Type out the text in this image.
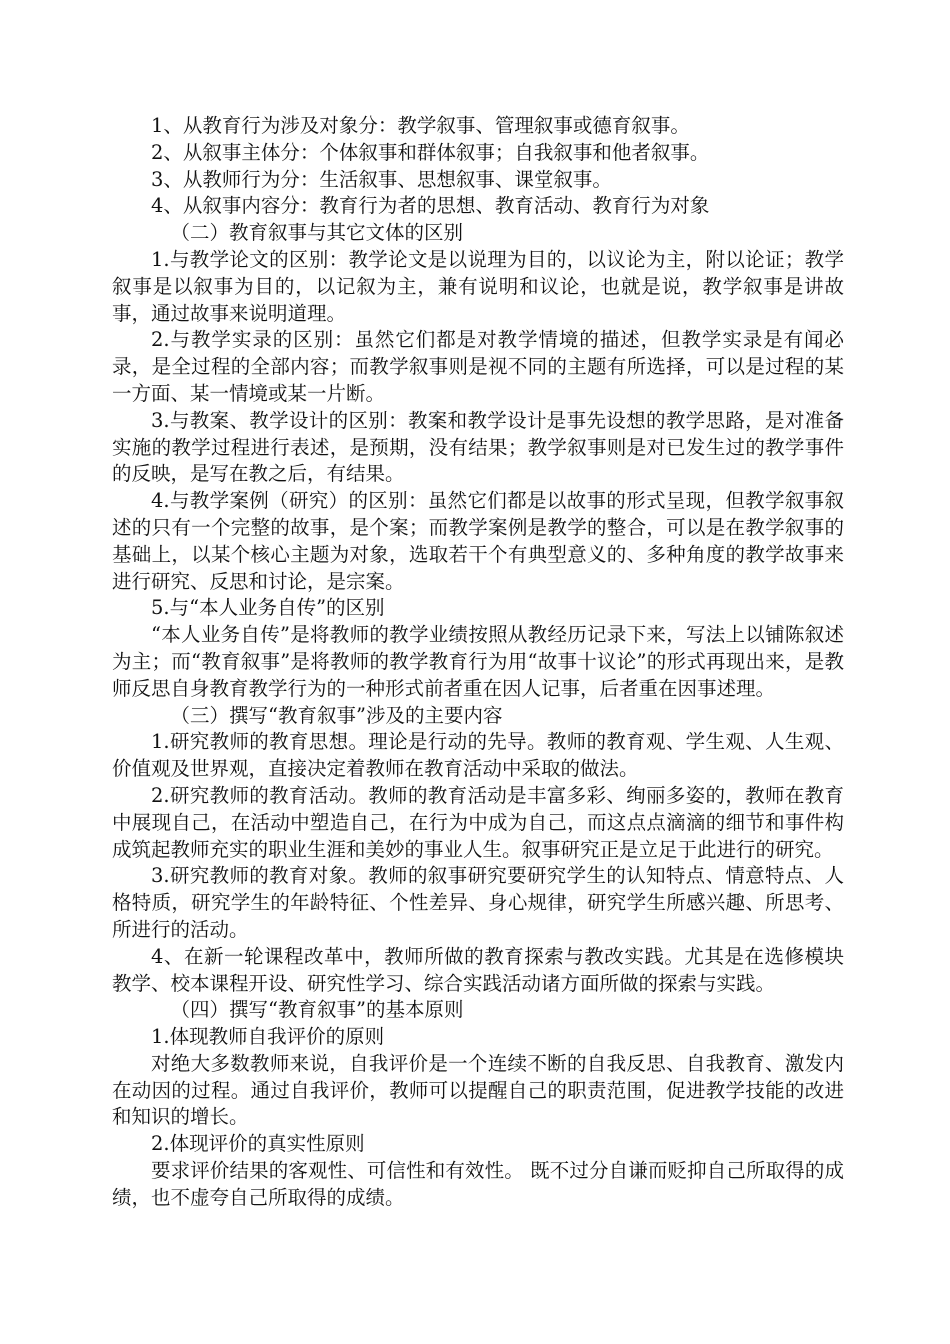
1、从教育行为涉及对象分：教学叙事、管理叙事或德育叙事。

2、从叙事主体分：个体叙事和群体叙事；自我叙事和他者叙事。

3、从教师行为分：生活叙事、思想叙事、课堂叙事。

4、从叙事内容分：教育行为者的思想、教育活动、教育行为对象

（二）教育叙事与其它文体的区别

1.与教学论文的区别：教学论文是以说理为目的，以议论为主，附以论证；教学叙事是以叙事为目的，以记叙为主，兼有说明和议论，也就是说，教学叙事是讲故事，通过故事来说明道理。

2.与教学实录的区别：虽然它们都是对教学情境的描述，但教学实录是有闻必录，是全过程的全部内容；而教学叙事则是视不同的主题有所选择，可以是过程的某一方面、某一情境或某一片断。

3.与教案、教学设计的区别：教案和教学设计是事先设想的教学思路，是对准备实施的教学过程进行表述，是预期，没有结果；教学叙事则是对已发生过的教学事件的反映，是写在教之后，有结果。

4.与教学案例（研究）的区别：虽然它们都是以故事的形式呈现，但教学叙事叙述的只有一个完整的故事，是个案；而教学案例是教学的整合，可以是在教学叙事的基础上，以某个核心主题为对象，选取若干个有典型意义的、多种角度的教学故事来进行研究、反思和讨论，是宗案。

5.与“本人业务自传”的区别

“本人业务自传”是将教师的教学业绩按照从教经历记录下来，写法上以铺陈叙述为主；而“教育叙事”是将教师的教学教育行为用“故事十议论”的形式再现出来，是教师反思自身教育教学行为的一种形式前者重在因人记事，后者重在因事述理。

（三）撰写“教育叙事”涉及的主要内容

1.研究教师的教育思想。理论是行动的先导。教师的教育观、学生观、人生观、价值观及世界观，直接决定着教师在教育活动中采取的做法。

2.研究教师的教育活动。教师的教育活动是丰富多彩、绚丽多姿的，教师在教育中展现自己，在活动中塑造自己，在行为中成为自己，而这点点滴滴的细节和事件构成筑起教师充实的职业生涯和美妙的事业人生。叙事研究正是立足于此进行的研究。

3.研究教师的教育对象。教师的叙事研究要研究学生的认知特点、情意特点、人格特质，研究学生的年龄特征、个性差异、身心规律，研究学生所感兴趣、所思考、所进行的活动。

4、在新一轮课程改革中，教师所做的教育探索与教改实践。尤其是在选修模块教学、校本课程开设、研究性学习、综合实践活动诸方面所做的探索与实践。

（四）撰写“教育叙事”的基本原则

1.体现教师自我评价的原则

对绝大多数教师来说，自我评价是一个连续不断的自我反思、自我教育、激发内在动因的过程。通过自我评价，教师可以提醒自己的职责范围，促进教学技能的改进和知识的增长。

2.体现评价的真实性原则

要求评价结果的客观性、可信性和有效性。 既不过分自谦而贬抑自己所取得的成绩，也不虚夸自己所取得的成绩。
